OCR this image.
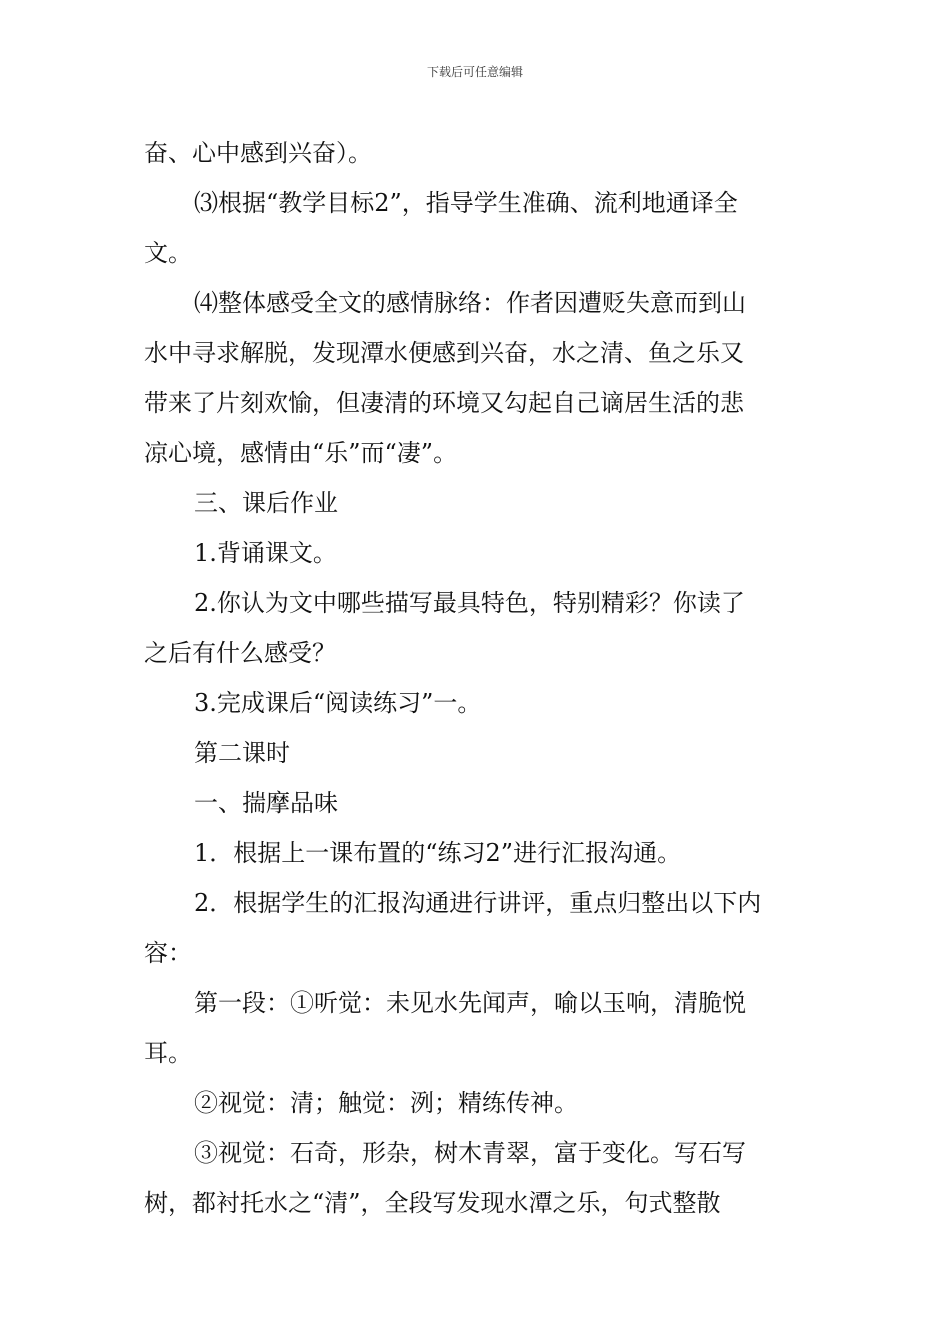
下载后可任意编辑
奋、心中感到兴奋）。
⑶根据“教学目标2”，指导学生准确、流利地通译全
文。
⑷整体感受全文的感情脉络：作者因遭贬失意而到山
水中寻求解脱，发现潭水便感到兴奋，水之清、鱼之乐又
带来了片刻欢愉，但凄清的环境又勾起自己谪居生活的悲
凉心境，感情由“乐”而“凄”。
三、课后作业
1.背诵课文。
2.你认为文中哪些描写最具特色，特别精彩？你读了
之后有什么感受？
3.完成课后“阅读练习”一。
第二课时
一、揣摩品味
1．根据上一课布置的“练习2”进行汇报沟通。
2．根据学生的汇报沟通进行讲评，重点归整出以下内
容：
第一段：①听觉：未见水先闻声，喻以玉响，清脆悦
耳。
②视觉：清；触觉：洌；精练传神。
③视觉：石奇，形杂，树木青翠，富于变化。写石写
树，都衬托水之“清”，全段写发现水潭之乐，句式整散
